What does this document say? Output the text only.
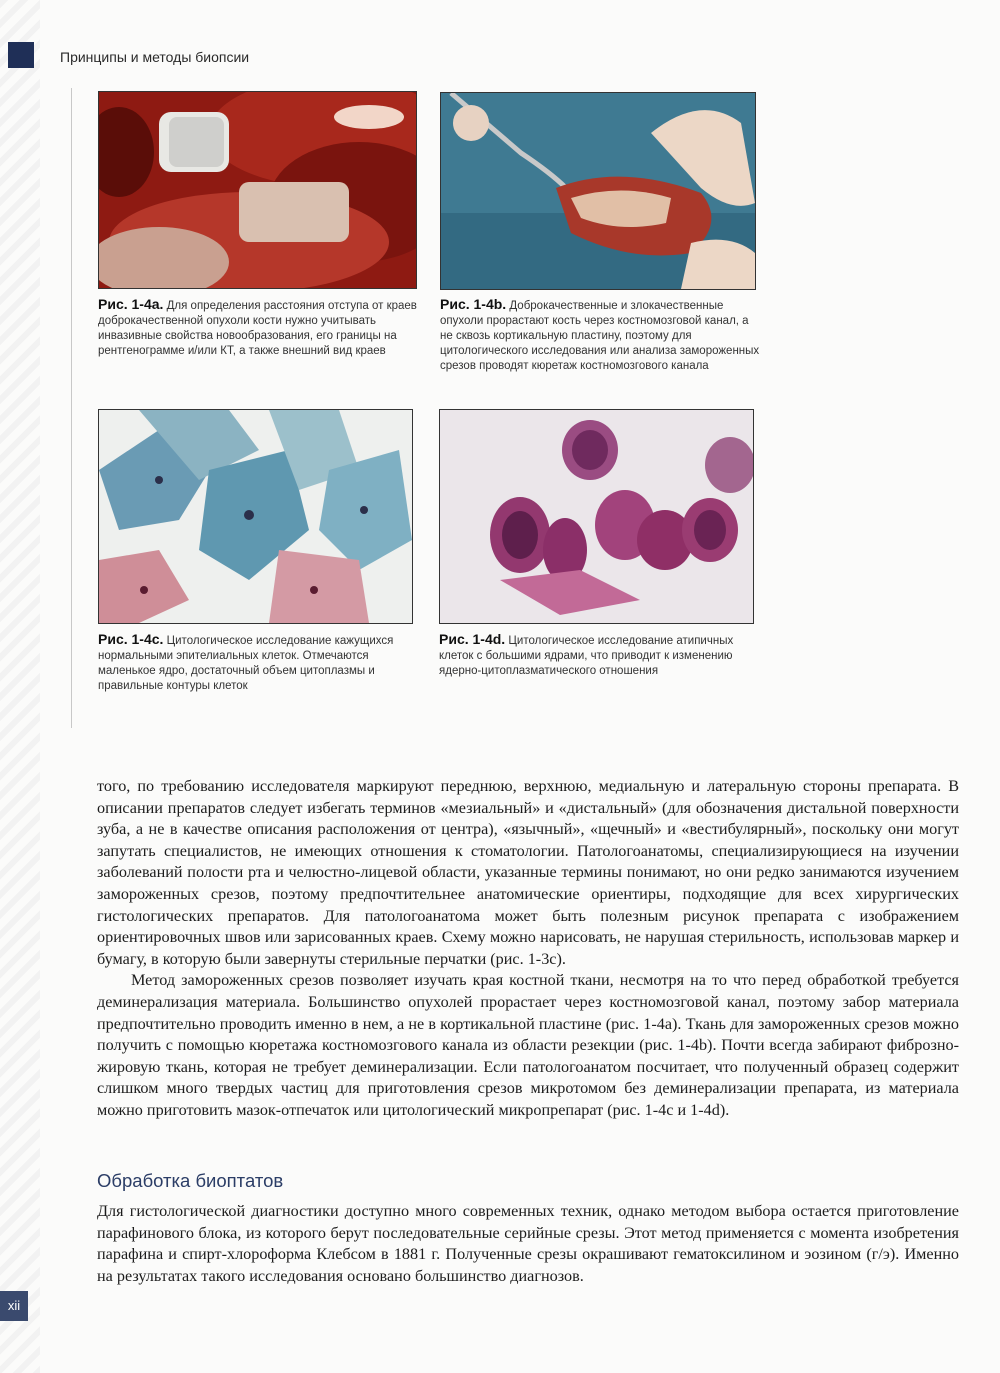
Принципы и методы биопсии
Рис. 1-4a. Для определения расстояния отступа от краев доброкачественной опухоли кости нужно учитывать инвазивные свойства новообразования, его границы на рентгенограмме и/или КТ, а также внешний вид краев
Рис. 1-4b. Доброкачественные и злокачественные опухоли прорастают кость через костномозговой канал, а не сквозь кортикальную пластину, поэтому для цитологического исследования или анализа замороженных срезов проводят кюретаж костномозгового канала
Рис. 1-4c. Цитологическое исследование кажущихся нормальными эпителиальных клеток. Отмечаются маленькое ядро, достаточный объем цитоплазмы и правильные контуры клеток
Рис. 1-4d. Цитологическое исследование атипичных клеток с большими ядрами, что приводит к изменению ядерно-цитоплазматического отношения

того, по требованию исследователя маркируют переднюю, верхнюю, медиальную и латеральную стороны препарата. В описании препаратов следует избегать терминов «мезиальный» и «дистальный» (для обозначения дистальной поверхности зуба, а не в качестве описания расположения от центра), «язычный», «щечный» и «вестибулярный», поскольку они могут запутать специалистов, не имеющих отношения к стоматологии. Патологоанатомы, специализирующиеся на изучении заболеваний полости рта и челюстно-лицевой области, указанные термины понимают, но они редко занимаются изучением замороженных срезов, поэтому предпочтительнее анатомические ориентиры, подходящие для всех хирургических гистологических препаратов. Для патологоанатома может быть полезным рисунок препарата с изображением ориентировочных швов или зарисованных краев. Схему можно нарисовать, не нарушая стерильность, использовав маркер и бумагу, в которую были завернуты стерильные перчатки (рис. 1-3c).

Метод замороженных срезов позволяет изучать края костной ткани, несмотря на то что перед обработкой требуется деминерализация материала. Большинство опухолей прорастает через костномозговой канал, поэтому забор материала предпочтительно проводить именно в нем, а не в кортикальной пластине (рис. 1-4a). Ткань для замороженных срезов можно получить с помощью кюретажа костномозгового канала из области резекции (рис. 1-4b). Почти всегда забирают фиброзно-жировую ткань, которая не требует деминерализации. Если патологоанатом посчитает, что полученный образец содержит слишком много твердых частиц для приготовления срезов микротомом без деминерализации препарата, из материала можно приготовить мазок-отпечаток или цитологический микропрепарат (рис. 1-4c и 1-4d).

Обработка биоптатов

Для гистологической диагностики доступно много современных техник, однако методом выбора остается приготовление парафинового блока, из которого берут последовательные серийные срезы. Этот метод применяется с момента изобретения парафина и спирт-хлороформа Клебсом в 1881 г. Полученные срезы окрашивают гематоксилином и эозином (г/э). Именно на результатах такого исследования основано большинство диагнозов.

xii
